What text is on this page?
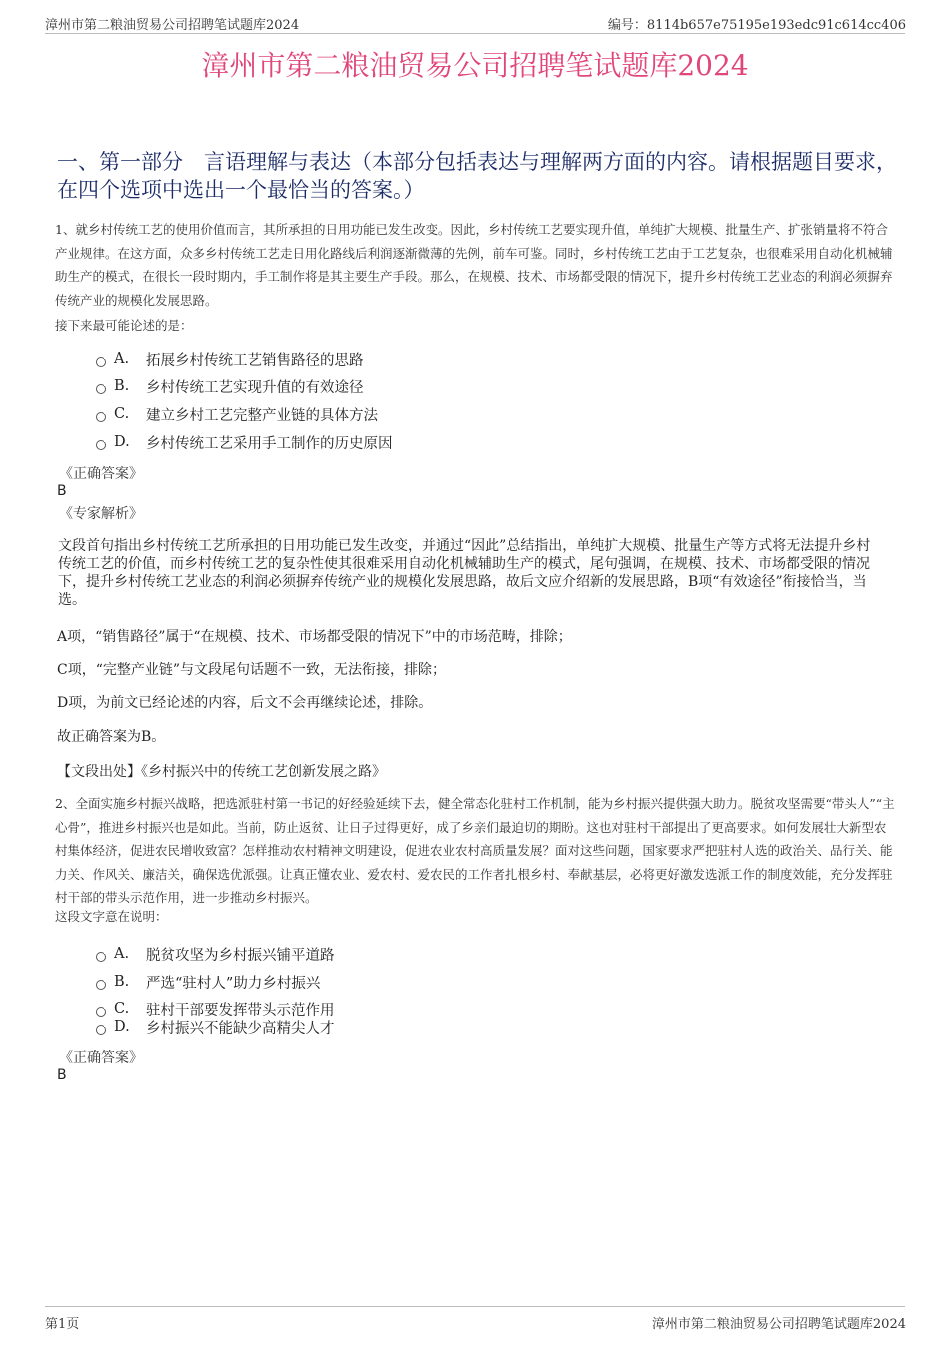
漳州市第二粮油贸易公司招聘笔试题库2024	编号：8114b657e75195e193edc91c614cc406
漳州市第二粮油贸易公司招聘笔试题库2024
一、第一部分　言语理解与表达（本部分包括表达与理解两方面的内容。请根据题目要求，在四个选项中选出一个最恰当的答案。）
1、就乡村传统工艺的使用价值而言，其所承担的日用功能已发生改变。因此，乡村传统工艺要实现升值，单纯扩大规模、批量生产、扩张销量将不符合产业规律。在这方面，众多乡村传统工艺走日用化路线后利润逐渐微薄的先例，前车可鉴。同时，乡村传统工艺由于工艺复杂，也很难采用自动化机械辅助生产的模式，在很长一段时期内，手工制作将是其主要生产手段。那么，在规模、技术、市场都受限的情况下，提升乡村传统工艺业态的利润必须摒弃传统产业的规模化发展思路。
接下来最可能论述的是：
A.	拓展乡村传统工艺销售路径的思路
B.	乡村传统工艺实现升值的有效途径
C.	建立乡村工艺完整产业链的具体方法
D.	乡村传统工艺采用手工制作的历史原因
《正确答案》
B
《专家解析》
文段首句指出乡村传统工艺所承担的日用功能已发生改变，并通过“因此”总结指出，单纯扩大规模、批量生产等方式将无法提升乡村传统工艺的价值，而乡村传统工艺的复杂性使其很难采用自动化机械辅助生产的模式，尾句强调，在规模、技术、市场都受限的情况下，提升乡村传统工艺业态的利润必须摒弃传统产业的规模化发展思路，故后文应介绍新的发展思路，B项“有效途径”衔接恰当，当选。
A项，“销售路径”属于“在规模、技术、市场都受限的情况下”中的市场范畴，排除；
C项，“完整产业链”与文段尾句话题不一致，无法衔接，排除；
D项，为前文已经论述的内容，后文不会再继续论述，排除。
故正确答案为B。
【文段出处】《乡村振兴中的传统工艺创新发展之路》
2、全面实施乡村振兴战略，把选派驻村第一书记的好经验延续下去，健全常态化驻村工作机制，能为乡村振兴提供强大助力。脱贫攻坚需要“带头人”“主心骨”，推进乡村振兴也是如此。当前，防止返贫、让日子过得更好，成了乡亲们最迫切的期盼。这也对驻村干部提出了更高要求。如何发展壮大新型农村集体经济，促进农民增收致富？怎样推动农村精神文明建设，促进农业农村高质量发展？面对这些问题，国家要求严把驻村人选的政治关、品行关、能力关、作风关、廉洁关，确保选优派强。让真正懂农业、爱农村、爱农民的工作者扎根乡村、奉献基层，必将更好激发选派工作的制度效能，充分发挥驻村干部的带头示范作用，进一步推动乡村振兴。
这段文字意在说明：
A.	脱贫攻坚为乡村振兴铺平道路
B.	严选“驻村人”助力乡村振兴
C.	驻村干部要发挥带头示范作用
D.	乡村振兴不能缺少高精尖人才
《正确答案》
B
第1页	漳州市第二粮油贸易公司招聘笔试题库2024
